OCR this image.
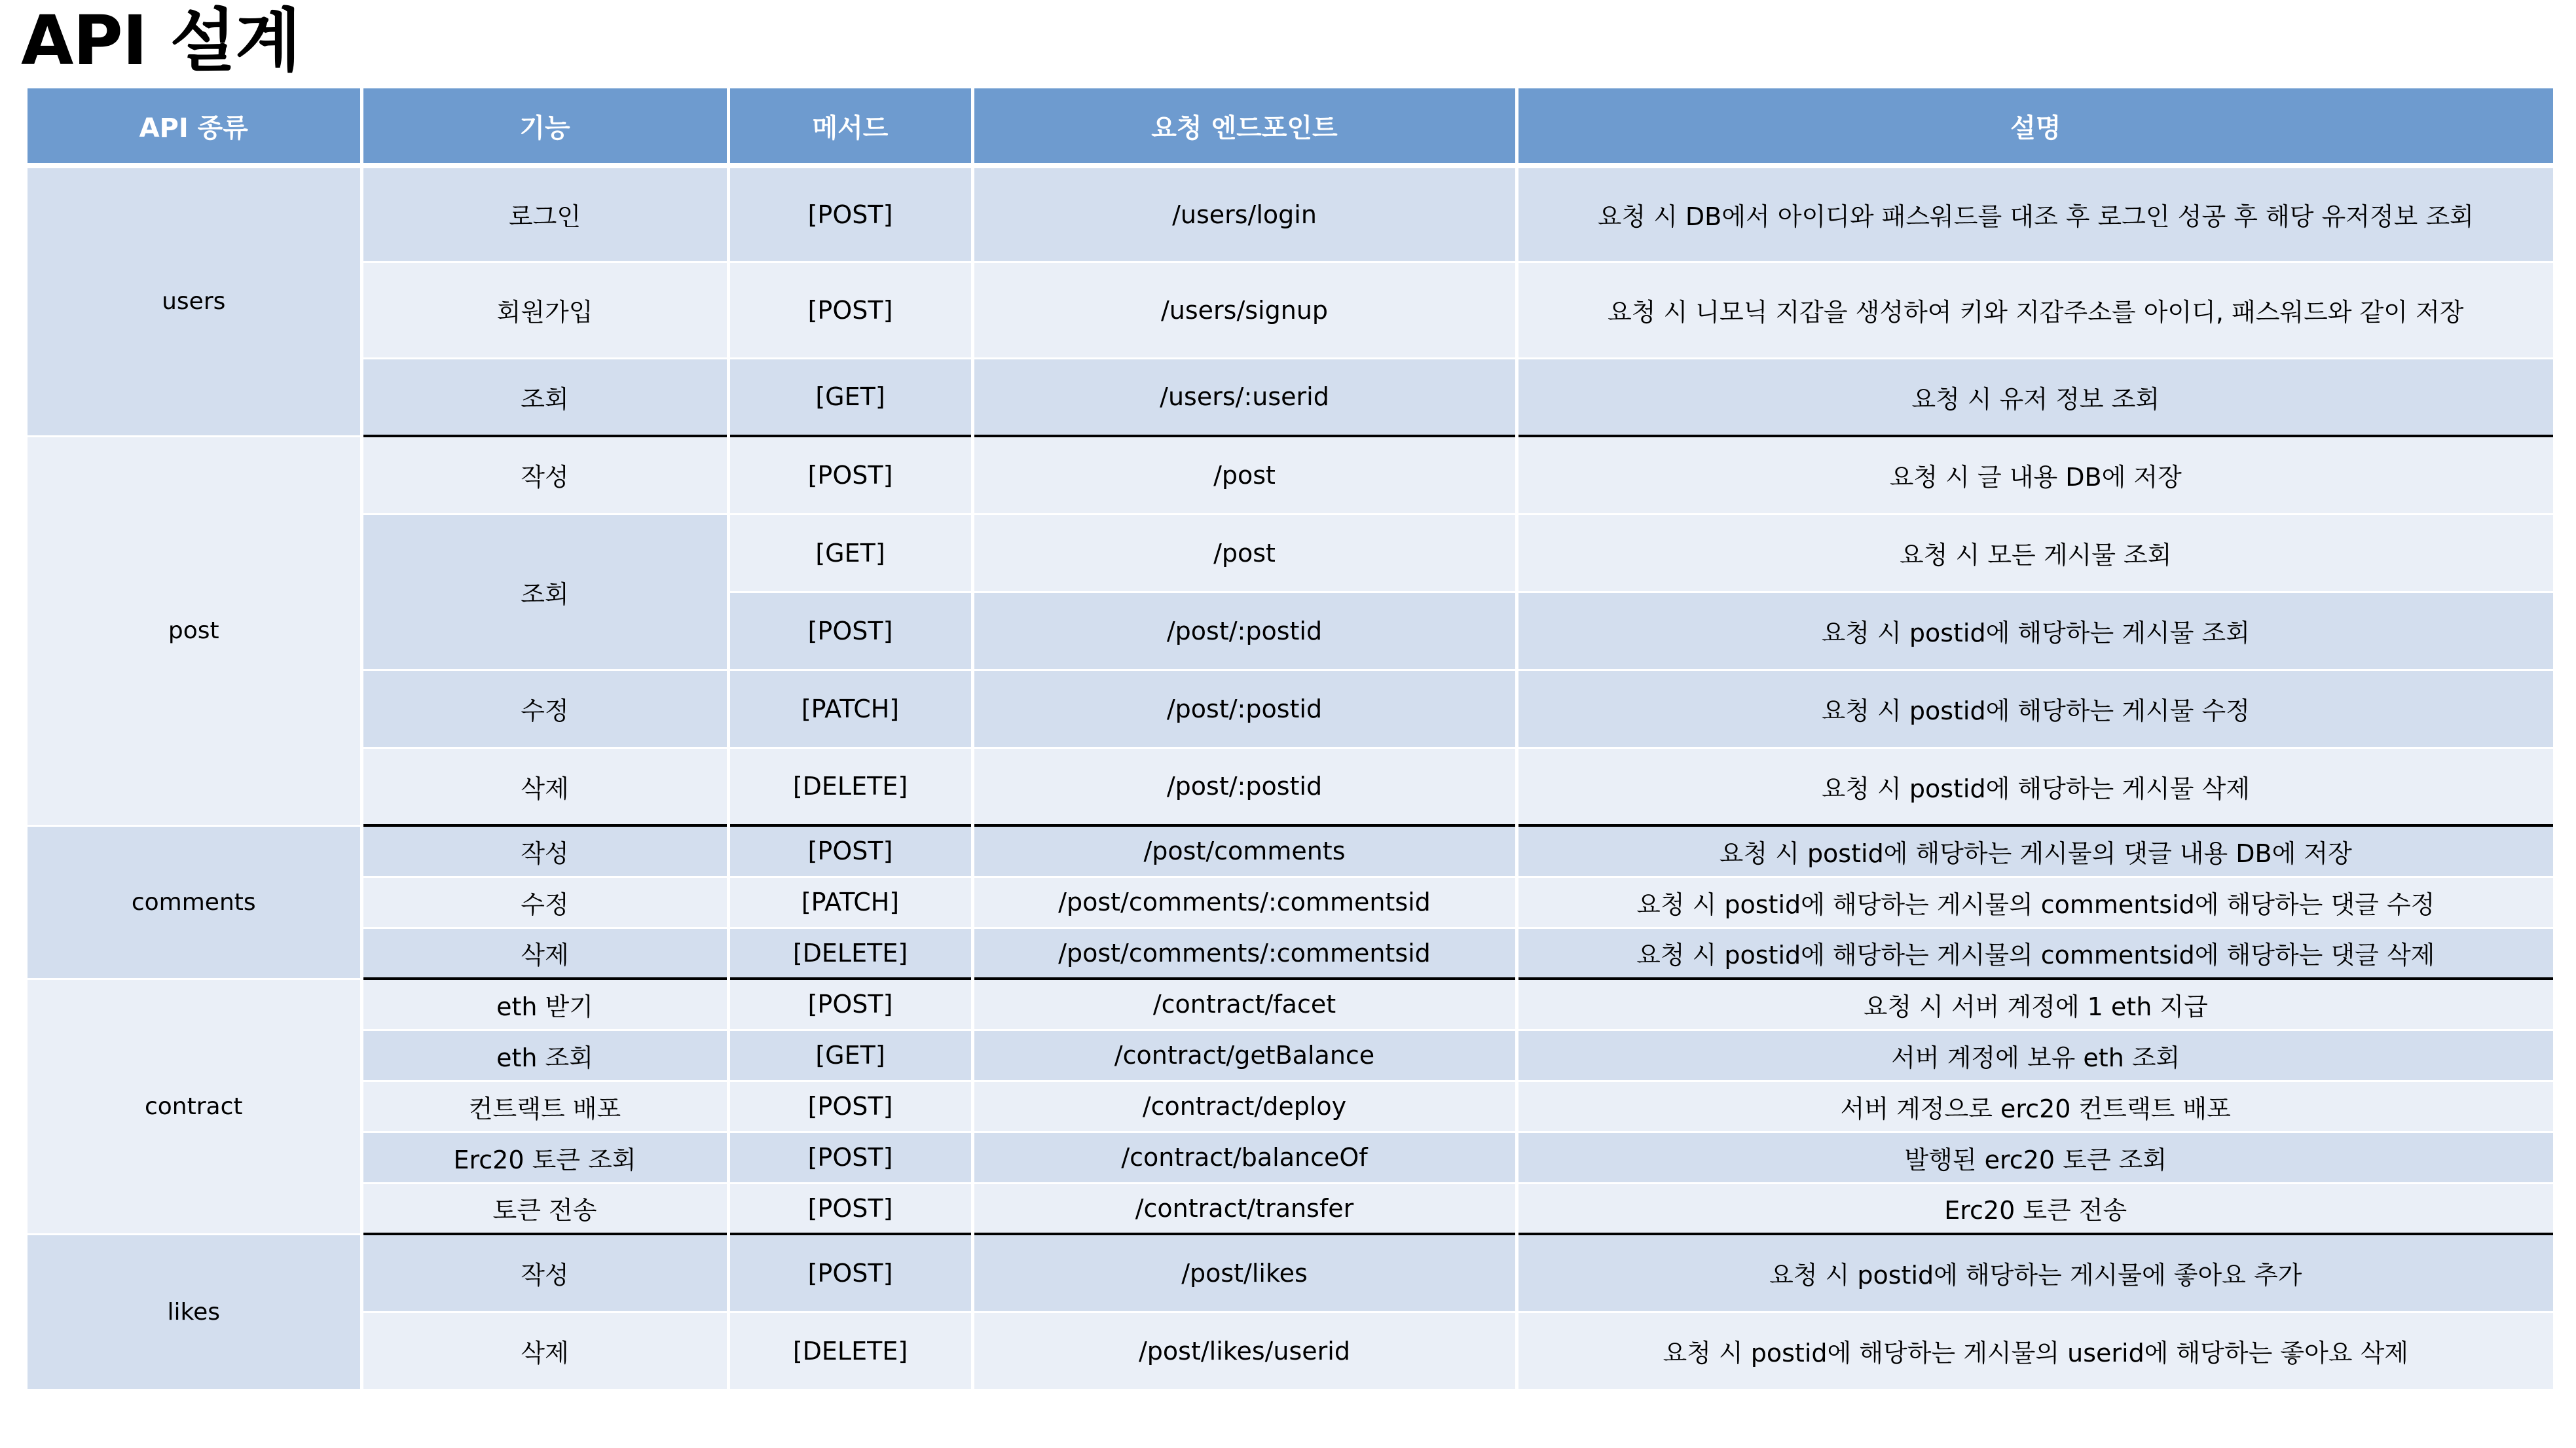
API 설계
API 종류	기능	메서드	요청 엔드포인트	설명
users	로그인	[POST]	/users/login	요청 시 DB에서 아이디와 패스워드를 대조 후 로그인 성공 후 해당 유저정보 조회
	회원가입	[POST]	/users/signup	요청 시 니모닉 지갑을 생성하여 키와 지갑주소를 아이디, 패스워드와 같이 저장
	조회	[GET]	/users/:userid	요청 시 유저 정보 조회
post	작성	[POST]	/post	요청 시 글 내용 DB에 저장
	조회	[GET]	/post	요청 시 모든 게시물 조회
		[POST]	/post/:postid	요청 시 postid에 해당하는 게시물 조회
	수정	[PATCH]	/post/:postid	요청 시 postid에 해당하는 게시물 수정
	삭제	[DELETE]	/post/:postid	요청 시 postid에 해당하는 게시물 삭제
comments	작성	[POST]	/post/comments	요청 시 postid에 해당하는 게시물의 댓글 내용 DB에 저장
	수정	[PATCH]	/post/comments/:commentsid	요청 시 postid에 해당하는 게시물의 commentsid에 해당하는 댓글 수정
	삭제	[DELETE]	/post/comments/:commentsid	요청 시 postid에 해당하는 게시물의 commentsid에 해당하는 댓글 삭제
contract	eth 받기	[POST]	/contract/facet	요청 시 서버 계정에 1 eth 지급
	eth 조회	[GET]	/contract/getBalance	서버 계정에 보유 eth 조회
	컨트랙트 배포	[POST]	/contract/deploy	서버 계정으로 erc20 컨트랙트 배포
	Erc20 토큰 조회	[POST]	/contract/balanceOf	발행된 erc20 토큰 조회
	토큰 전송	[POST]	/contract/transfer	Erc20 토큰 전송
likes	작성	[POST]	/post/likes	요청 시 postid에 해당하는 게시물에 좋아요 추가
	삭제	[DELETE]	/post/likes/userid	요청 시 postid에 해당하는 게시물의 userid에 해당하는 좋아요 삭제
